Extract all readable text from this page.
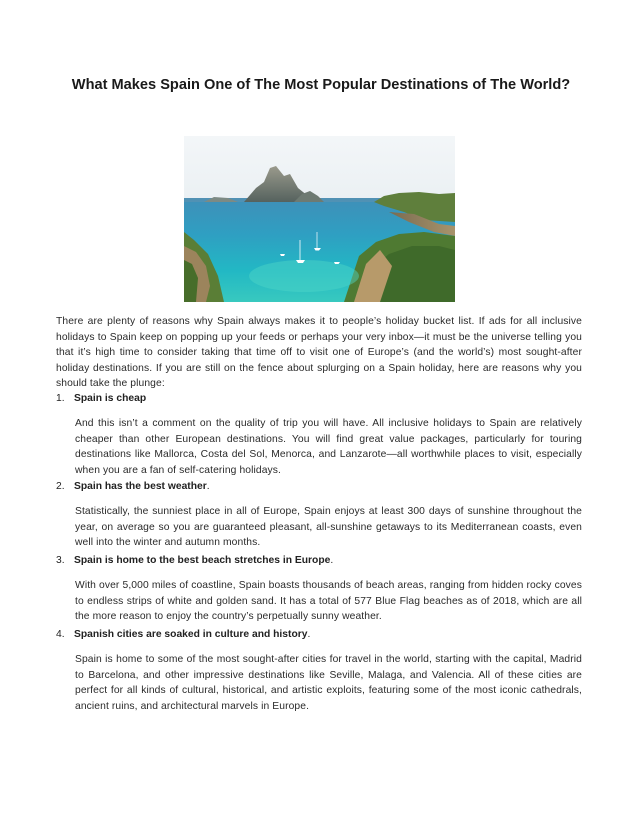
What Makes Spain One of The Most Popular Destinations of The World?

There are plenty of reasons why Spain always makes it to people’s holiday bucket list. If ads for all inclusive holidays to Spain keep on popping up your feeds or perhaps your very inbox—it must be the universe telling you that it’s high time to consider taking that time off to visit one of Europe’s (and the world’s) most sought-after holiday destinations. If you are still on the fence about splurging on a Spain holiday, here are reasons why you should take the plunge:

1. Spain is cheap

And this isn’t a comment on the quality of trip you will have. All inclusive holidays to Spain are relatively cheaper than other European destinations. You will find great value packages, particularly for touring destinations like Mallorca, Costa del Sol, Menorca, and Lanzarote—all worthwhile places to visit, especially when you are a fan of self-catering holidays.

2. Spain has the best weather.

Statistically, the sunniest place in all of Europe, Spain enjoys at least 300 days of sunshine throughout the year, on average so you are guaranteed pleasant, all-sunshine getaways to its Mediterranean coasts, even well into the winter and autumn months.

3. Spain is home to the best beach stretches in Europe.

With over 5,000 miles of coastline, Spain boasts thousands of beach areas, ranging from hidden rocky coves to endless strips of white and golden sand. It has a total of 577 Blue Flag beaches as of 2018, which are all the more reason to enjoy the country’s perpetually sunny weather.

4. Spanish cities are soaked in culture and history.

Spain is home to some of the most sought-after cities for travel in the world, starting with the capital, Madrid to Barcelona, and other impressive destinations like Seville, Malaga, and Valencia. All of these cities are perfect for all kinds of cultural, historical, and artistic exploits, featuring some of the most iconic cathedrals, ancient ruins, and architectural marvels in Europe.
